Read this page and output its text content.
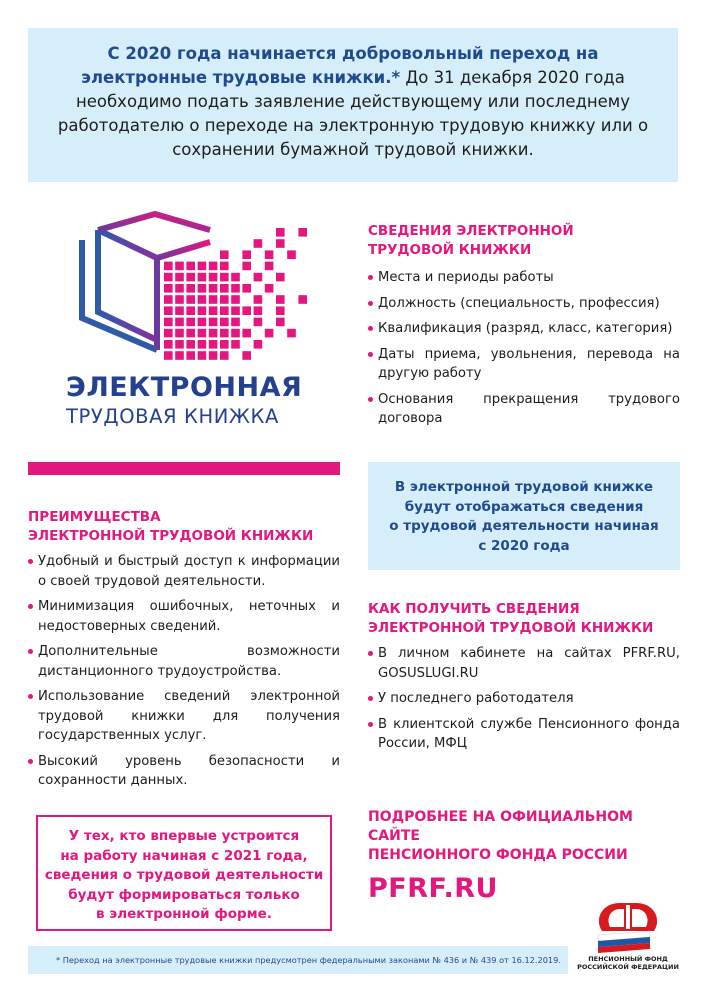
С 2020 года начинается добровольный переход на электронные трудовые книжки.* До 31 декабря 2020 года необходимо подать заявление действующему или последнему работодателю о переходе на электронную трудовую книжку или о сохранении бумажной трудовой книжки.
ЭЛЕКТРОННАЯ
ТРУДОВАЯ КНИЖКА
СВЕДЕНИЯ ЭЛЕКТРОННОЙ
ТРУДОВОЙ КНИЖКИ
Места и периоды работы
Должность (специальность, профессия)
Квалификация (разряд, класс, категория)
Даты приема, увольнения, перевода на другую работу
Основания прекращения трудового договора
ПРЕИМУЩЕСТВА
ЭЛЕКТРОННОЙ ТРУДОВОЙ КНИЖКИ
Удобный и быстрый доступ к информации о своей трудовой деятельности.
Минимизация ошибочных, неточных и недостоверных сведений.
Дополнительные возможности дистанционного трудоустройства.
Использование сведений электронной трудовой книжки для получения государственных услуг.
Высокий уровень безопасности и сохранности данных.
В электронной трудовой книжке
будут отображаться сведения
о трудовой деятельности начиная
с 2020 года
КАК ПОЛУЧИТЬ СВЕДЕНИЯ
ЭЛЕКТРОННОЙ ТРУДОВОЙ КНИЖКИ
В личном кабинете на сайтах PFRF.RU, GOSUSLUGI.RU
У последнего работодателя
В клиентской службе Пенсионного фонда России, МФЦ
У тех, кто впервые устроится
на работу начиная с 2021 года,
сведения о трудовой деятельности
будут формироваться только
в электронной форме.
ПОДРОБНЕЕ НА ОФИЦИАЛЬНОМ САЙТЕ
ПЕНСИОННОГО ФОНДА РОССИИ
PFRF.RU
ПЕНСИОННЫЙ ФОНД
РОССИЙСКОЙ ФЕДЕРАЦИИ
* Переход на электронные трудовые книжки предусмотрен федеральными законами № 436 и № 439 от 16.12.2019.
